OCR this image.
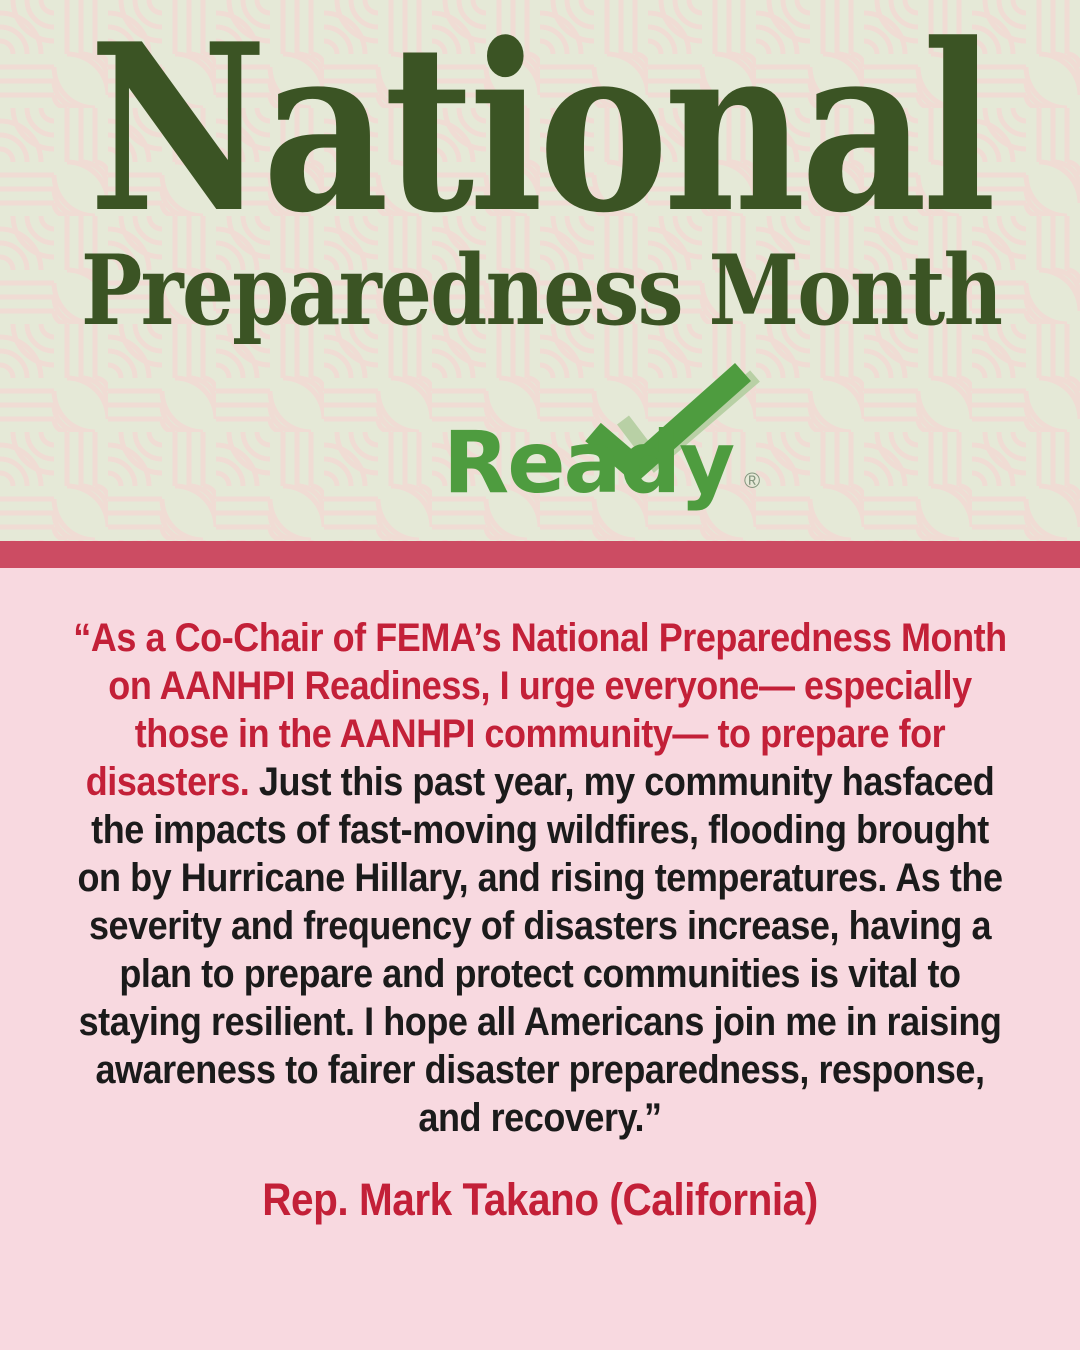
National
Preparedness Month
Ready ®

“As a Co-Chair of FEMA’s National Preparedness Month on AANHPI Readiness, I urge everyone— especially those in the AANHPI community— to prepare for disasters. Just this past year, my community hasfaced the impacts of fast-moving wildfires, flooding brought on by Hurricane Hillary, and rising temperatures. As the severity and frequency of disasters increase, having a plan to prepare and protect communities is vital to staying resilient. I hope all Americans join me in raising awareness to fairer disaster preparedness, response, and recovery.”

Rep. Mark Takano (California)
